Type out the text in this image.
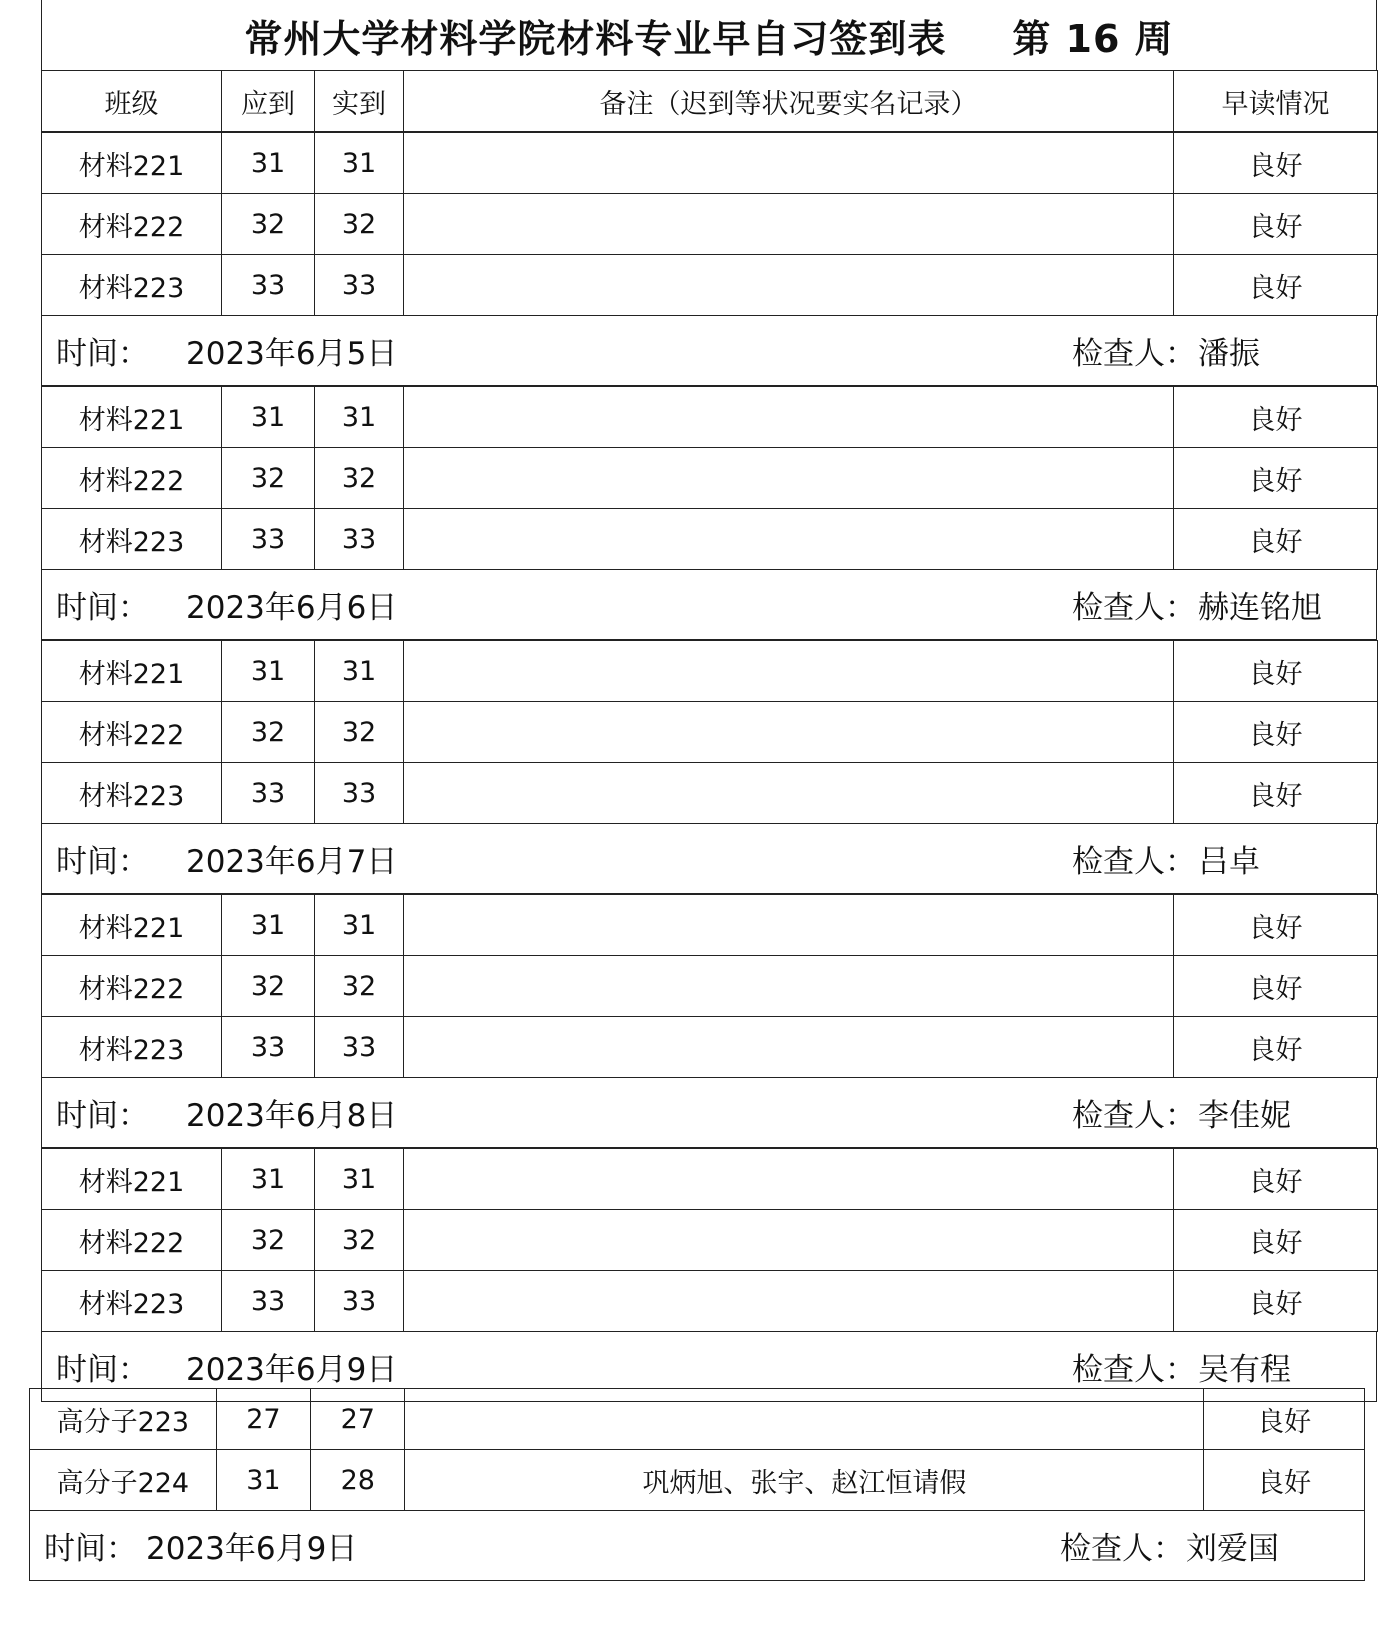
常州大学材料学院材料专业早自习签到表 第 16 周
班级	应到	实到	备注（迟到等状况要实名记录）	早读情况
材料221	31	31		良好
材料222	32	32		良好
材料223	33	33		良好
时间：	2023年6月5日	检查人： 潘振
材料221	31	31		良好
材料222	32	32		良好
材料223	33	33		良好
时间：	2023年6月6日	检查人： 赫连铭旭
材料221	31	31		良好
材料222	32	32		良好
材料223	33	33		良好
时间：	2023年6月7日	检查人： 吕卓
材料221	31	31		良好
材料222	32	32		良好
材料223	33	33		良好
时间：	2023年6月8日	检查人： 李佳妮
材料221	31	31		良好
材料222	32	32		良好
材料223	33	33		良好
时间：	2023年6月9日	检查人： 吴有程
高分子223	27	27		良好
高分子224	31	28	巩炳旭、张宇、赵江恒请假	良好
时间： 2023年6月9日	检查人： 刘爱国
